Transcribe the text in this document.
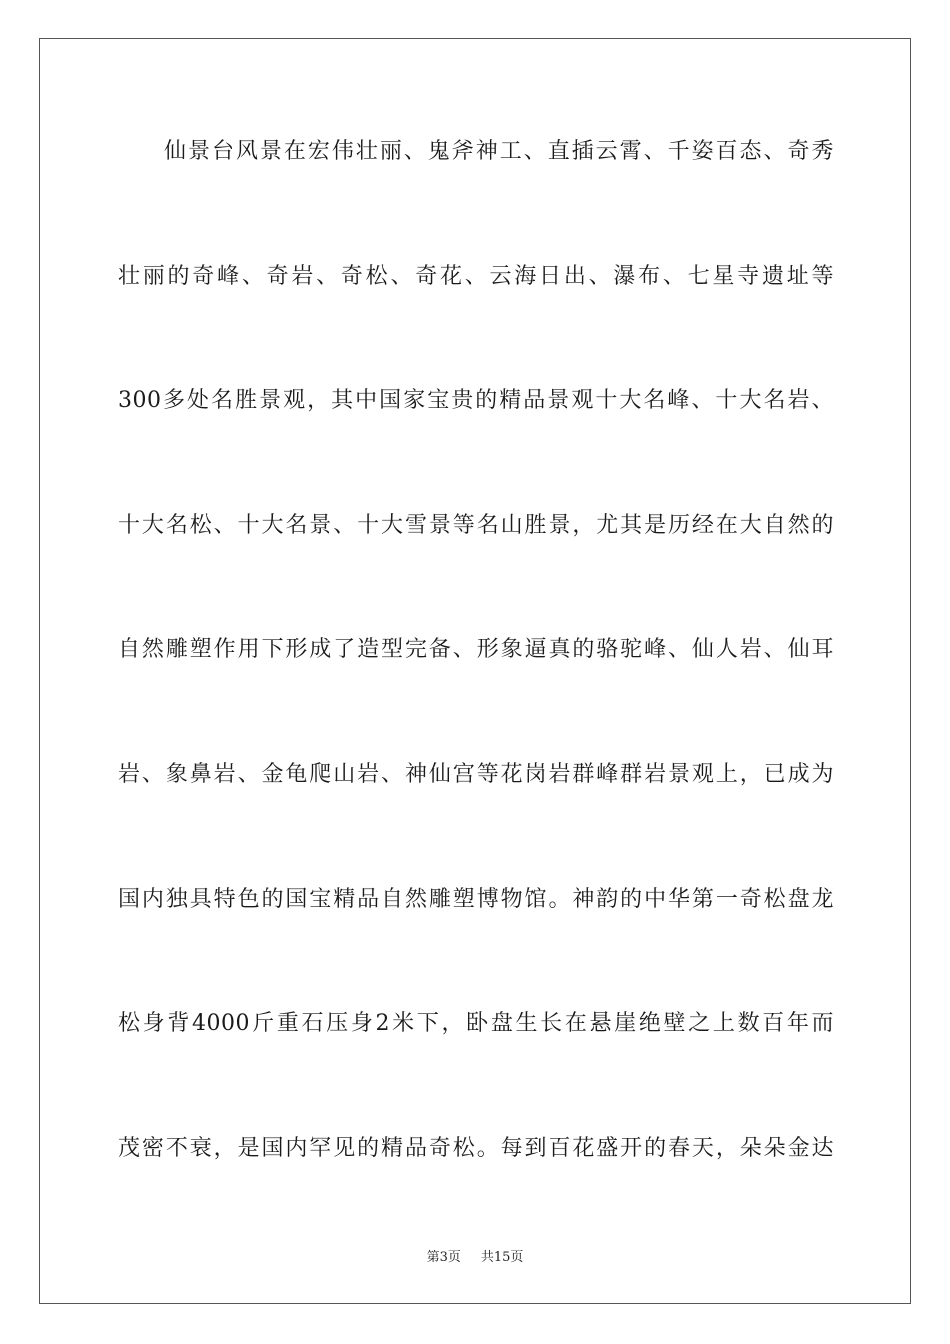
仙景台风景在宏伟壮丽、鬼斧神工、直插云霄、千姿百态、奇秀
壮丽的奇峰、奇岩、奇松、奇花、云海日出、瀑布、七星寺遗址等
300多处名胜景观，其中国家宝贵的精品景观十大名峰、十大名岩、
十大名松、十大名景、十大雪景等名山胜景，尤其是历经在大自然的
自然雕塑作用下形成了造型完备、形象逼真的骆驼峰、仙人岩、仙耳
岩、象鼻岩、金龟爬山岩、神仙宫等花岗岩群峰群岩景观上，已成为
国内独具特色的国宝精品自然雕塑博物馆。神韵的中华第一奇松盘龙
松身背4000斤重石压身2米下，卧盘生长在悬崖绝壁之上数百年而
茂密不衰，是国内罕见的精品奇松。每到百花盛开的春天，朵朵金达
第3页 共15页
